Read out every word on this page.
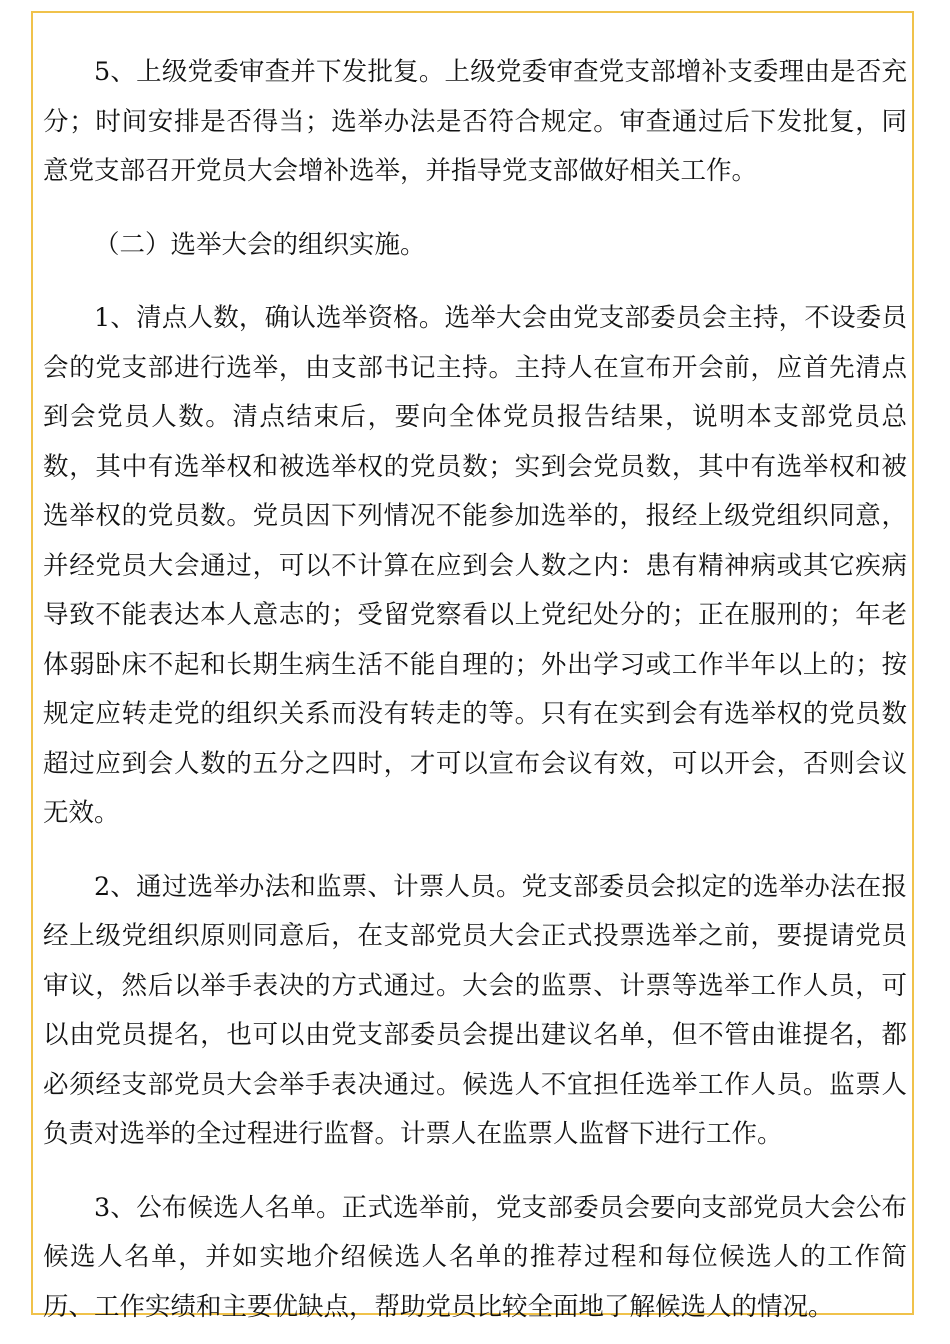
5、上级党委审查并下发批复。上级党委审查党支部增补支委理由是否充分；时间安排是否得当；选举办法是否符合规定。审查通过后下发批复，同意党支部召开党员大会增补选举，并指导党支部做好相关工作。

（二）选举大会的组织实施。

1、清点人数，确认选举资格。选举大会由党支部委员会主持，不设委员会的党支部进行选举，由支部书记主持。主持人在宣布开会前，应首先清点到会党员人数。清点结束后，要向全体党员报告结果，说明本支部党员总数，其中有选举权和被选举权的党员数；实到会党员数，其中有选举权和被选举权的党员数。党员因下列情况不能参加选举的，报经上级党组织同意，并经党员大会通过，可以不计算在应到会人数之内：患有精神病或其它疾病导致不能表达本人意志的；受留党察看以上党纪处分的；正在服刑的；年老体弱卧床不起和长期生病生活不能自理的；外出学习或工作半年以上的；按规定应转走党的组织关系而没有转走的等。只有在实到会有选举权的党员数超过应到会人数的五分之四时，才可以宣布会议有效，可以开会，否则会议无效。

2、通过选举办法和监票、计票人员。党支部委员会拟定的选举办法在报经上级党组织原则同意后，在支部党员大会正式投票选举之前，要提请党员审议，然后以举手表决的方式通过。大会的监票、计票等选举工作人员，可以由党员提名，也可以由党支部委员会提出建议名单，但不管由谁提名，都必须经支部党员大会举手表决通过。候选人不宜担任选举工作人员。监票人负责对选举的全过程进行监督。计票人在监票人监督下进行工作。

3、公布候选人名单。正式选举前，党支部委员会要向支部党员大会公布候选人名单，并如实地介绍候选人名单的推荐过程和每位候选人的工作简历、工作实绩和主要优缺点，帮助党员比较全面地了解候选人的情况。
